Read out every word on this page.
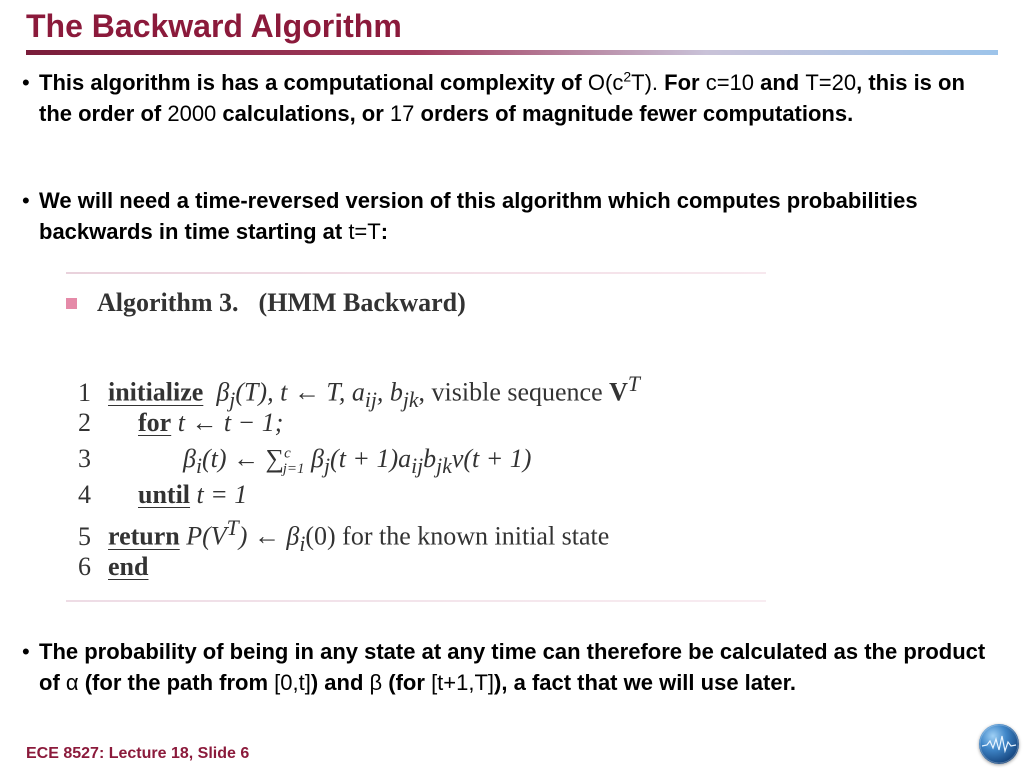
The Backward Algorithm
• This algorithm is has a computational complexity of $O(c^2T)$. For c=10 and T=20, this is on the order of 2000 calculations, or 17 orders of magnitude fewer computations.
• We will need a time-reversed version of this algorithm which computes probabilities backwards in time starting at t=T:
Algorithm 3. (HMM Backward)
1 initialize $\beta_j(T)$, t ← T, $a_{ij}$, $b_{jk}$, visible sequence $V^T$
2 for t ← t − 1;
3	$\beta_i(t)$ ← ∑$^c_{j=1}$ $\beta_j(t + 1)a_{ij}b_{jk}v(t + 1)$
4 until t = 1
5 return $P(V^T)$ ← $\beta_i(0)$ for the known initial state
6 end
• The probability of being in any state at any time can therefore be calculated as the product of α (for the path from [0,t]) and β (for [t+1,T]), a fact that we will use later.
ECE 8527: Lecture 18, Slide 6
